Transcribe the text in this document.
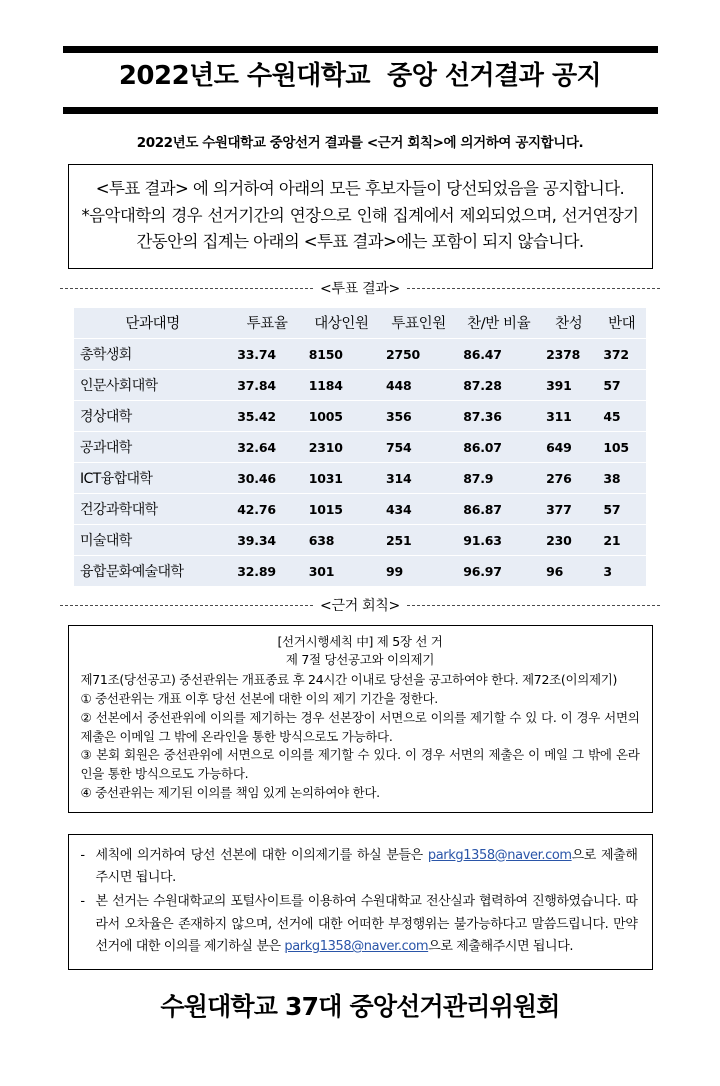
2022년도 수원대학교  중앙 선거결과 공지
2022년도 수원대학교 중앙선거 결과를 <근거 회칙>에 의거하여 공지합니다.
<투표 결과> 에 의거하여 아래의 모든 후보자들이 당선되었음을 공지합니다.
*음악대학의 경우 선거기간의 연장으로 인해 집계에서 제외되었으며, 선거연장기간동안의 집계는 아래의 <투표 결과>에는 포함이 되지 않습니다.
<투표 결과>
단과대명	투표율	대상인원	투표인원	찬/반 비율	찬성	반대
총학생회	33.74	8150	2750	86.47	2378	372
인문사회대학	37.84	1184	448	87.28	391	57
경상대학	35.42	1005	356	87.36	311	45
공과대학	32.64	2310	754	86.07	649	105
ICT융합대학	30.46	1031	314	87.9	276	38
건강과학대학	42.76	1015	434	86.87	377	57
미술대학	39.34	638	251	91.63	230	21
융합문화예술대학	32.89	301	99	96.97	96	3
<근거 회칙>
[선거시행세칙 中] 제 5장 선 거
제 7절 당선공고와 이의제기
제71조(당선공고) 중선관위는 개표종료 후 24시간 이내로 당선을 공고하여야 한다. 제72조(이의제기)
① 중선관위는 개표 이후 당선 선본에 대한 이의 제기 기간을 정한다.
② 선본에서 중선관위에 이의를 제기하는 경우 선본장이 서면으로 이의를 제기할 수 있 다. 이 경우 서면의 제출은 이메일 그 밖에 온라인을 통한 방식으로도 가능하다.
③ 본회 회원은 중선관위에 서면으로 이의를 제기할 수 있다. 이 경우 서면의 제출은 이 메일 그 밖에 온라인을 통한 방식으로도 가능하다.
④ 중선관위는 제기된 이의를 책임 있게 논의하여야 한다.
- 세칙에 의거하여 당선 선본에 대한 이의제기를 하실 분들은 parkg1358@naver.com으로 제출해주시면 됩니다.
- 본 선거는 수원대학교의 포털사이트를 이용하여 수원대학교 전산실과 협력하여 진행하였습니다. 따라서 오차율은 존재하지 않으며, 선거에 대한 어떠한 부정행위는 불가능하다고 말씀드립니다. 만약 선거에 대한 이의를 제기하실 분은 parkg1358@naver.com으로 제출해주시면 됩니다.
수원대학교 37대 중앙선거관리위원회
